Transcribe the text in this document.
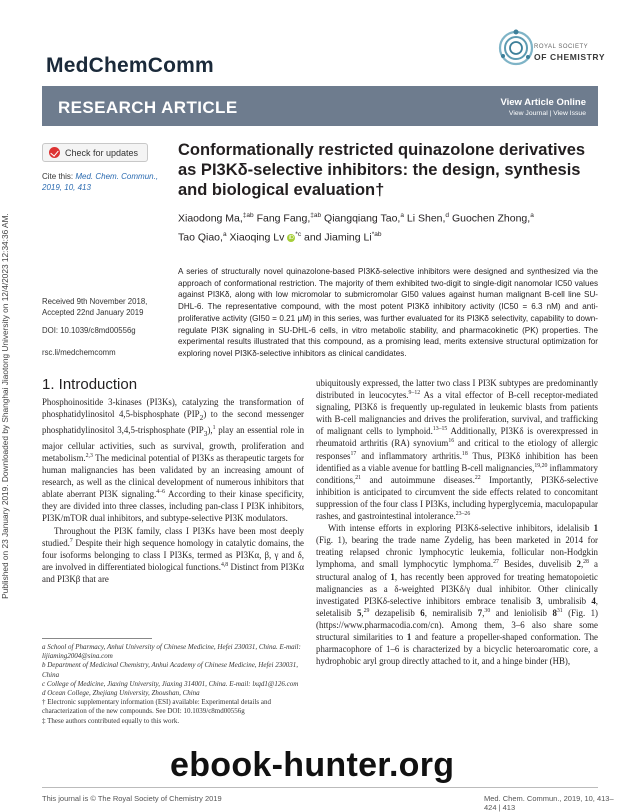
Published on 23 January 2019. Downloaded by Shanghai Jiaotong University on 12/4/2023 12:34:36 AM.
MedChemComm
ROYAL SOCIETY
OF CHEMISTRY
RESEARCH ARTICLE	View Article Online
View Journal | View Issue
Check for updates
Cite this: Med. Chem. Commun.,
2019, 10, 413
Conformationally restricted quinazolone derivatives as PI3Kδ-selective inhibitors: the design, synthesis and biological evaluation†
Xiaodong Ma,$^{\ddagger ab}$ Fang Fang,$^{\ddagger ab}$ Qiangqiang Tao,$^a$ Li Shen,$^d$ Guochen Zhong,$^a$
Tao Qiao,$^a$ Xiaoqing Lv $iD^{*c}$ and Jiaming $Li^{*ab}$
Received 9th November 2018,
Accepted 22nd January 2019
DOI: 10.1039/c8md00556g
rsc.li/medchemcomm
A series of structurally novel quinazolone-based PI3Kδ-selective inhibitors were designed and synthesized via the approach of conformational restriction. The majority of them exhibited two-digit to single-digit nanomolar IC50 values against PI3Kδ, along with low micromolar to submicromolar GI50 values against human malignant B-cell line SU-DHL-6. The representative compound, with the most potent PI3Kδ inhibitory activity (IC50 = 6.3 nM) and anti-proliferative activity (GI50 = 0.21 μM) in this series, was further evaluated for its PI3Kδ selectivity, capability to down-regulate PI3K signaling in SU-DHL-6 cells, in vitro metabolic stability, and pharmacokinetic (PK) properties. The experimental results illustrated that this compound, as a promising lead, merits extensive structural optimization for exploring novel PI3Kδ-selective inhibitors as clinical candidates.
1. Introduction

Phosphoinositide 3-kinases (PI3Ks), catalyzing the transformation of phosphatidylinositol 4,5-bisphosphate $(PIP_2)$ to the second messenger phosphatidylinositol 3,4,5-trisphosphate $(PIP_3),^1$ play an essential role in major cellular activities, such as survival, growth, proliferation and metabolism.$^{2,3}$ The medicinal potential of PI3Ks as therapeutic targets for human malignancies has been validated by an increasing amount of research, as well as the clinical development of numerous inhibitors that ablate aberrant PI3K signaling.$^{4-6}$ According to their kinase specificity, they are divided into three classes, including pan-class I PI3K inhibitors, PI3K/mTOR dual inhibitors, and subtype-selective PI3K modulators.

Throughout the PI3K family, class I PI3Ks have been most deeply studied.$^7$ Despite their high sequence homology in catalytic domains, the four isoforms belonging to class I PI3Ks, termed as PI3Kα, β, γ and δ, are involved in differentiated biological functions.$^{4,8}$ Distinct from PI3Kα and PI3Kβ that are

ubiquitously expressed, the latter two class I PI3K subtypes are predominantly distributed in leucocytes.$^{9-12}$ As a vital effector of B-cell receptor-mediated signaling, PI3Kδ is frequently up-regulated in leukemic blasts from patients with B-cell malignancies and drives the proliferation, survival, and trafficking of malignant cells to lymphoid.$^{13-15}$ Additionally, PI3Kδ is overexpressed in rheumatoid arthritis (RA) synovium$^{16}$ and critical to the etiology of allergic responses$^{17}$ and inflammatory arthritis.$^{18}$ Thus, PI3Kδ inhibition has been identified as a viable avenue for battling B-cell malignancies,$^{19,20}$ inflammatory conditions,$^{21}$ and autoimmune diseases.$^{22}$ Importantly, PI3Kδ-selective inhibition is anticipated to circumvent the side effects related to concomitant suppression of the four class I PI3Ks, including hyperglycemia, maculopapular rashes, and gastrointestinal intolerance.$^{23-26}$

With intense efforts in exploring PI3Kδ-selective inhibitors, idelalisib 1 (Fig. 1), bearing the trade name Zydelig, has been marketed in 2014 for treating relapsed chronic lymphocytic leukemia, follicular non-Hodgkin lymphoma, and small lymphocytic lymphoma.$^{27}$ Besides, duvelisib 2,28 a structural analog of 1, has recently been approved for treating hematopoietic malignancies as a δ-weighted PI3Kδ/γ dual inhibitor. Other clinically investigated PI3Kδ-selective inhibitors embrace tenalisib 3, umbralisib 4, seletalisib 5,29 dezapelisib 6, nemiralisib 7,30 and leniolisib $8^{31}$ (Fig. 1) (https://www.pharmacodia.com/cn). Among them, 3–6 also share some structural similarities to 1 and feature a propeller-shaped conformation. The pharmacophore of 1–6 is characterized by a bicyclic heteroaromatic core, a hydrophobic aryl group directly attached to it, and a hinge binder (HB),

a School of Pharmacy, Anhui University of Chinese Medicine, Hefei 230031, China. E-mail: lijiaming2004@sina.com

b Department of Medicinal Chemistry, Anhui Academy of Chinese Medicine, Hefei 230031, China

c College of Medicine, Jiaxing University, Jiaxing 314001, China. E-mail: lxqd1@126.com

d Ocean College, Zhejiang University, Zhoushan, China

† Electronic supplementary information (ESI) available: Experimental details and characterization of the new compounds. See DOI: 10.1039/c8md00556g

‡ These authors contributed equally to this work.

This journal is © The Royal Society of Chemistry 2019	Med. Chem. Commun., 2019, 10, 413–424 | 413
ebook-hunter.org
